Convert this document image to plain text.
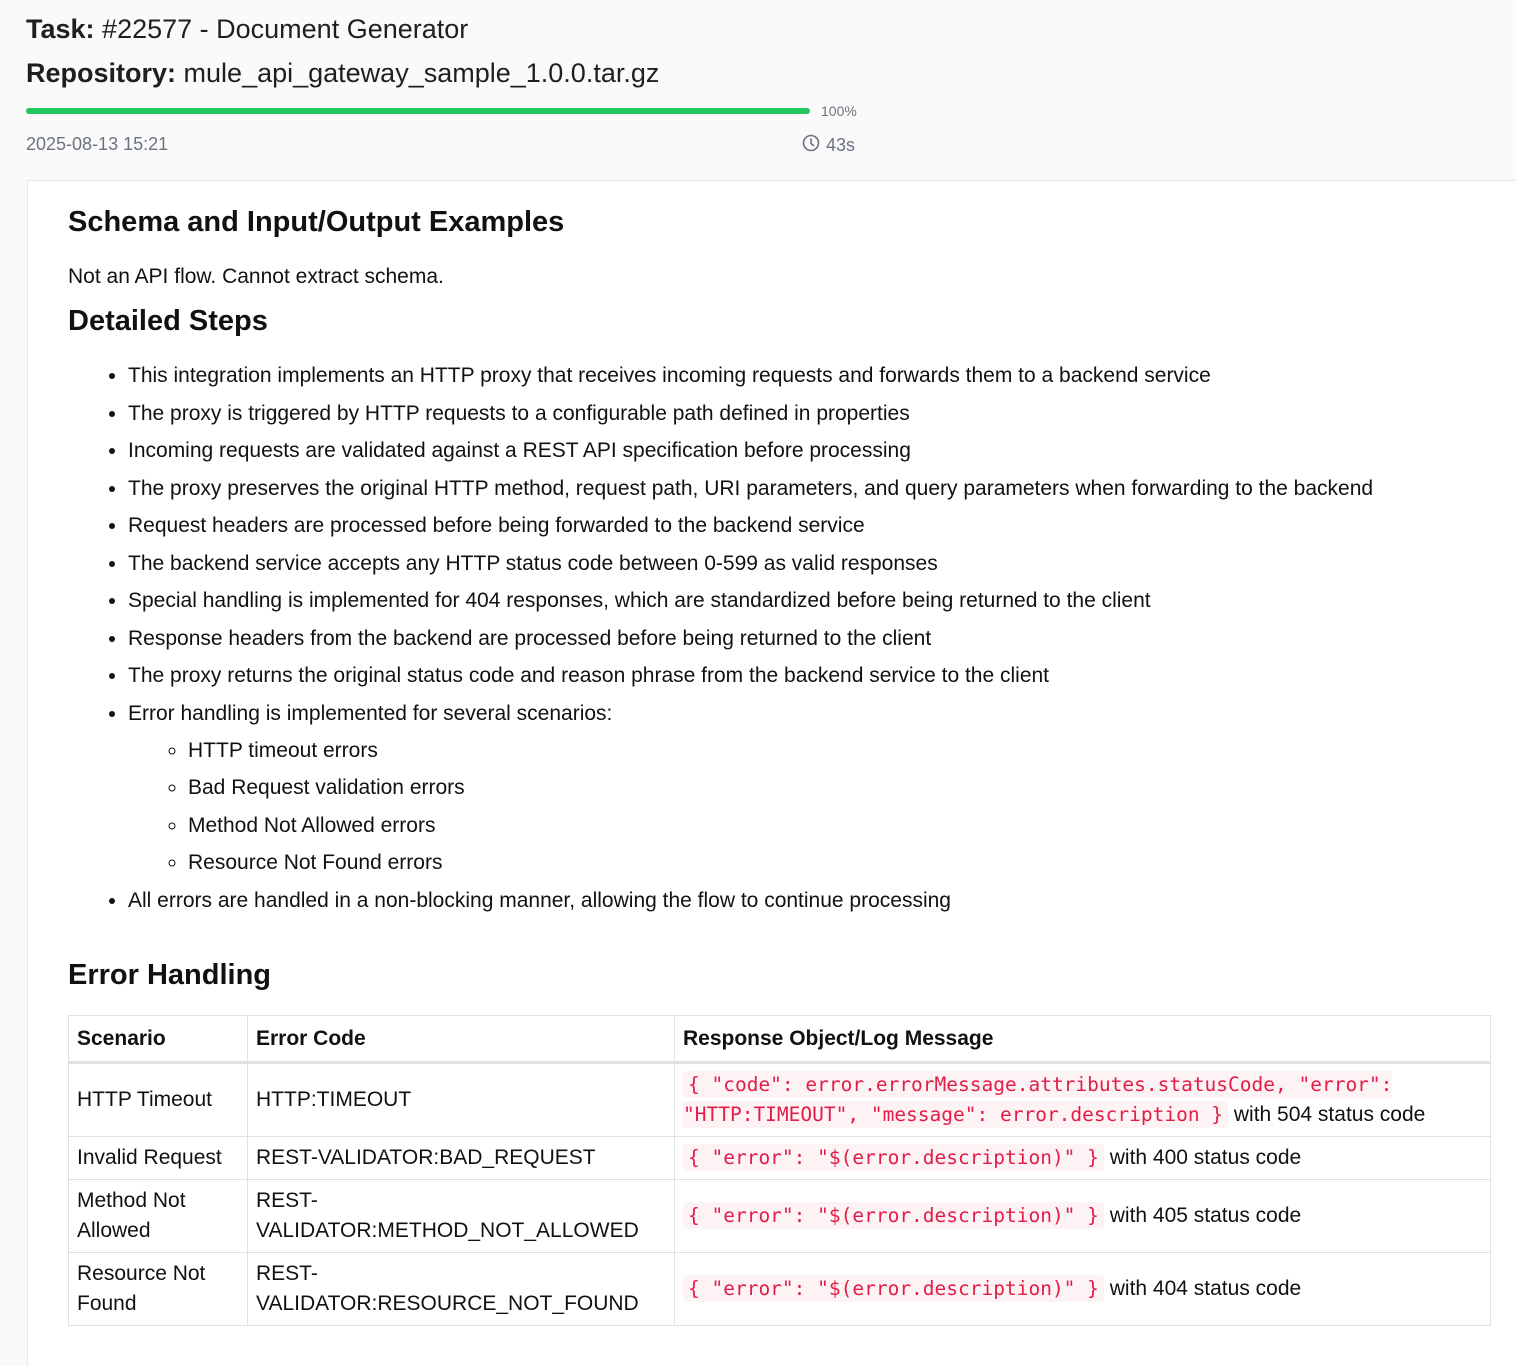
Task: #22577 - Document Generator
Repository: mule_api_gateway_sample_1.0.0.tar.gz
100%
2025-08-13 15:21	43s
Schema and Input/Output Examples

Not an API flow. Cannot extract schema.

Detailed Steps
• This integration implements an HTTP proxy that receives incoming requests and forwards them to a backend service
• The proxy is triggered by HTTP requests to a configurable path defined in properties
• Incoming requests are validated against a REST API specification before processing
• The proxy preserves the original HTTP method, request path, URI parameters, and query parameters when forwarding to the backend
• Request headers are processed before being forwarded to the backend service
• The backend service accepts any HTTP status code between 0-599 as valid responses
• Special handling is implemented for 404 responses, which are standardized before being returned to the client
• Response headers from the backend are processed before being returned to the client
• The proxy returns the original status code and reason phrase from the backend service to the client
• Error handling is implemented for several scenarios:
◦ HTTP timeout errors
◦ Bad Request validation errors
◦ Method Not Allowed errors
◦ Resource Not Found errors
• All errors are handled in a non-blocking manner, allowing the flow to continue processing
Error Handling
Scenario	Error Code	Response Object/Log Message
HTTP Timeout	HTTP:TIMEOUT	{ "code": error.errorMessage.attributes.statusCode, "error": "HTTP:TIMEOUT", "message": error.description } with 504 status code
Invalid Request	REST-VALIDATOR:BAD_REQUEST	{ "error": "$(error.description)" } with 400 status code
Method Not Allowed	REST-VALIDATOR:METHOD_NOT_ALLOWED	{ "error": "$(error.description)" } with 405 status code
Resource Not Found	REST-VALIDATOR:RESOURCE_NOT_FOUND	{ "error": "$(error.description)" } with 404 status code
